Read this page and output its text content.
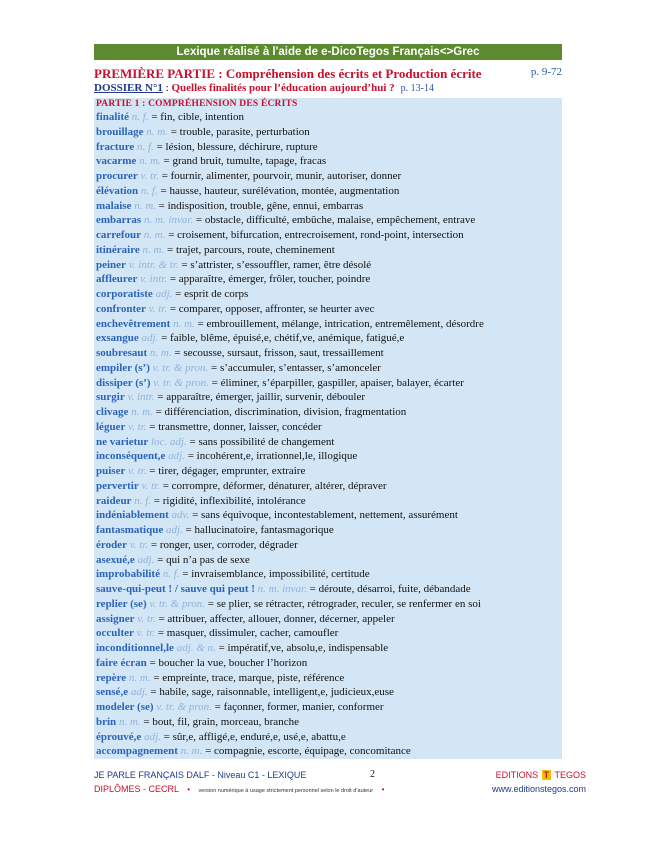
Lexique réalisé à l'aide de e-DicoTegos Français<>Grec
PREMIÈRE PARTIE : Compréhension des écrits et Production écrite	p. 9-72
DOSSIER N°1 : Quelles finalités pour l’éducation aujourd’hui ? p. 13-14
PARTIE 1 : COMPRÉHENSION DES ÉCRITS
finalité n. f. = fin, cible, intention
brouillage n. m. = trouble, parasite, perturbation
fracture n. f. = lésion, blessure, déchirure, rupture
vacarme n. m. = grand bruit, tumulte, tapage, fracas
procurer v. tr. = fournir, alimenter, pourvoir, munir, autoriser, donner
élévation n. f. = hausse, hauteur, surélévation, montée, augmentation
malaise n. m. = indisposition, trouble, gêne, ennui, embarras
embarras n. m. invar. = obstacle, difficulté, embûche, malaise, empêchement, entrave
carrefour n. m. = croisement, bifurcation, entrecroisement, rond-point, intersection
itinéraire n. m. = trajet, parcours, route, cheminement
peiner v. intr. & tr. = s’attrister, s’essouffler, ramer, être désolé
affleurer v. intr. = apparaître, émerger, frôler, toucher, poindre
corporatiste adj. = esprit de corps
confronter v. tr. = comparer, opposer, affronter, se heurter avec
enchevêtrement n. m. = embrouillement, mélange, intrication, entremêlement, désordre
exsangue adj. = faible, blême, épuisé,e, chétif,ve, anémique, fatigué,e
soubresaut n. m. = secousse, sursaut, frisson, saut, tressaillement
empiler (s’) v. tr. & pron. = s’accumuler, s’entasser, s’amonceler
dissiper (s’) v. tr. & pron. = éliminer, s’éparpiller, gaspiller, apaiser, balayer, écarter
surgir v. intr. = apparaître, émerger, jaillir, survenir, débouler
clivage n. m. = différenciation, discrimination, division, fragmentation
léguer v. tr. = transmettre, donner, laisser, concéder
ne varietur loc. adj. = sans possibilité de changement
inconséquent,e adj. = incohérent,e, irrationnel,le, illogique
puiser v. tr. = tirer, dégager, emprunter, extraire
pervertir v. tr. = corrompre, déformer, dénaturer, altérer, dépraver
raideur n. f. = rigidité, inflexibilité, intolérance
indéniablement adv. = sans équivoque, incontestablement, nettement, assurément
fantasmatique adj. = hallucinatoire, fantasmagorique
éroder v. tr. = ronger, user, corroder, dégrader
asexué,e adj. = qui n’a pas de sexe
improbabilité n. f. = invraisemblance, impossibilité, certitude
sauve-qui-peut ! / sauve qui peut ! n. m. invar. = déroute, désarroi, fuite, débandade
replier (se) v. tr. & pron. = se plier, se rétracter, rétrograder, reculer, se renfermer en soi
assigner v. tr. = attribuer, affecter, allouer, donner, décerner, appeler
occulter v. tr. = masquer, dissimuler, cacher, camoufler
inconditionnel,le adj. & n. = impératif,ve, absolu,e, indispensable
faire écran = boucher la vue, boucher l’horizon
repère n. m. = empreinte, trace, marque, piste, référence
sensé,e adj. = habile, sage, raisonnable, intelligent,e, judicieux,euse
modeler (se) v. tr. & pron. = façonner, former, manier, conformer
brin n. m. = bout, fil, grain, morceau, branche
éprouvé,e adj. = sûr,e, affligé,e, enduré,e, usé,e, abattu,e
accompagnement n. m. = compagnie, escorte, équipage, concomitance
JE PARLE FRANÇAIS DALF - Niveau C1 - LEXIQUE	2	EDITIONS T TEGOS
DIPLÔMES - CECRL • version numérique à usage strictement personnel selon le droit d’auteur •	www.editionstegos.com
